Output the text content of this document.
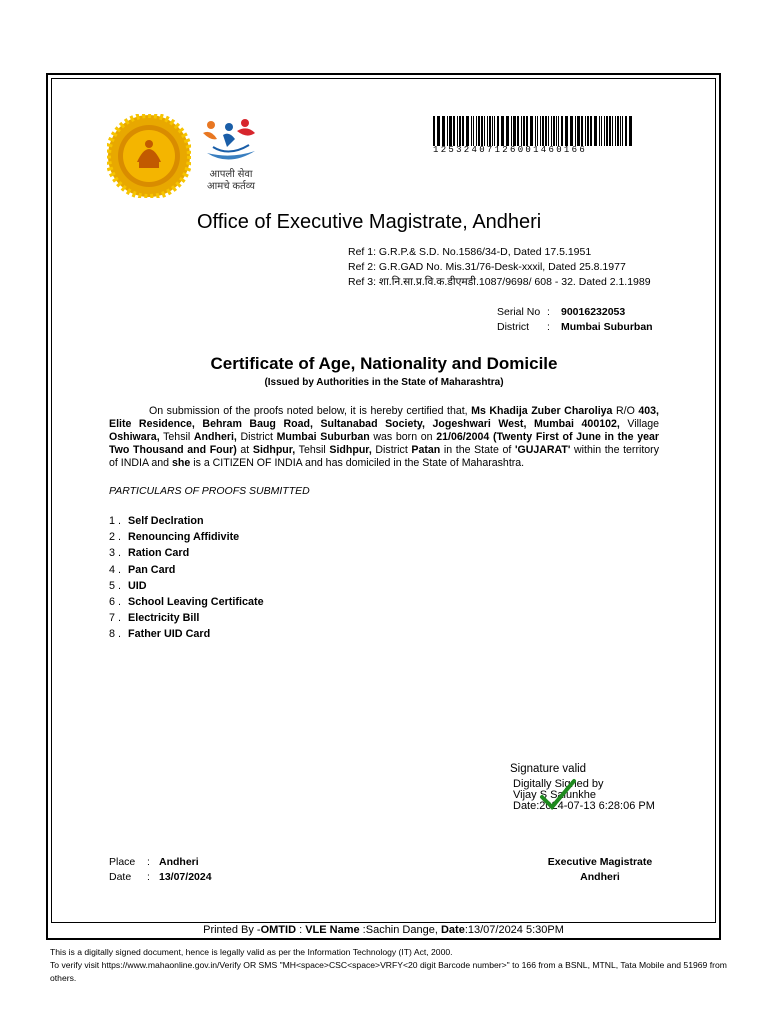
आपली सेवा
आमचे कर्तव्य
12532407126001460166
Office of Executive Magistrate, Andheri
Ref 1: G.R.P.& S.D. No.1586/34-D, Dated 17.5.1951
Ref 2: G.R.GAD No. Mis.31/76-Desk-xxxil, Dated 25.8.1977
Ref 3: शा.नि.सा.प्र.वि.क.डीएमडी.1087/9698/ 608 - 32. Dated 2.1.1989
Serial No :	90016232053
District	:	Mumbai Suburban
Certificate of Age, Nationality and Domicile
(Issued by Authorities in the State of Maharashtra)

On submission of the proofs noted below, it is hereby certified that, Ms Khadija Zuber Charoliya R/O 403, Elite Residence, Behram Baug Road, Sultanabad Society, Jogeshwari West, Mumbai 400102, Village Oshiwara, Tehsil Andheri, District Mumbai Suburban was born on 21/06/2004 (Twenty First of June in the year Two Thousand and Four) at Sidhpur, Tehsil Sidhpur, District Patan in the State of 'GUJARAT' within the territory of INDIA and she is a CITIZEN OF INDIA and has domiciled in the State of Maharashtra.

PARTICULARS OF PROOFS SUBMITTED
1 . Self Declration
2 . Renouncing Affidivite
3 . Ration Card
4 . Pan Card
5 . UID
6 . School Leaving Certificate
7 . Electricity Bill
8 . Father UID Card
Signature valid
Digitally Signed by
Vijay S Salunkhe
Date:2024-07-13 6:28:06 PM
Place	: Andheri
Date	: 13/07/2024
Executive Magistrate
Andheri
Printed By -OMTID : VLE Name :Sachin Dange, Date:13/07/2024 5:30PM
This is a digitally signed document, hence is legally valid as per the Information Technology (IT) Act, 2000.
To verify visit https://www.mahaonline.gov.in/Verify OR SMS "MH<space>CSC<space>VRFY<20 digit Barcode number>" to 166 from a BSNL, MTNL, Tata Mobile and 51969 from others.
